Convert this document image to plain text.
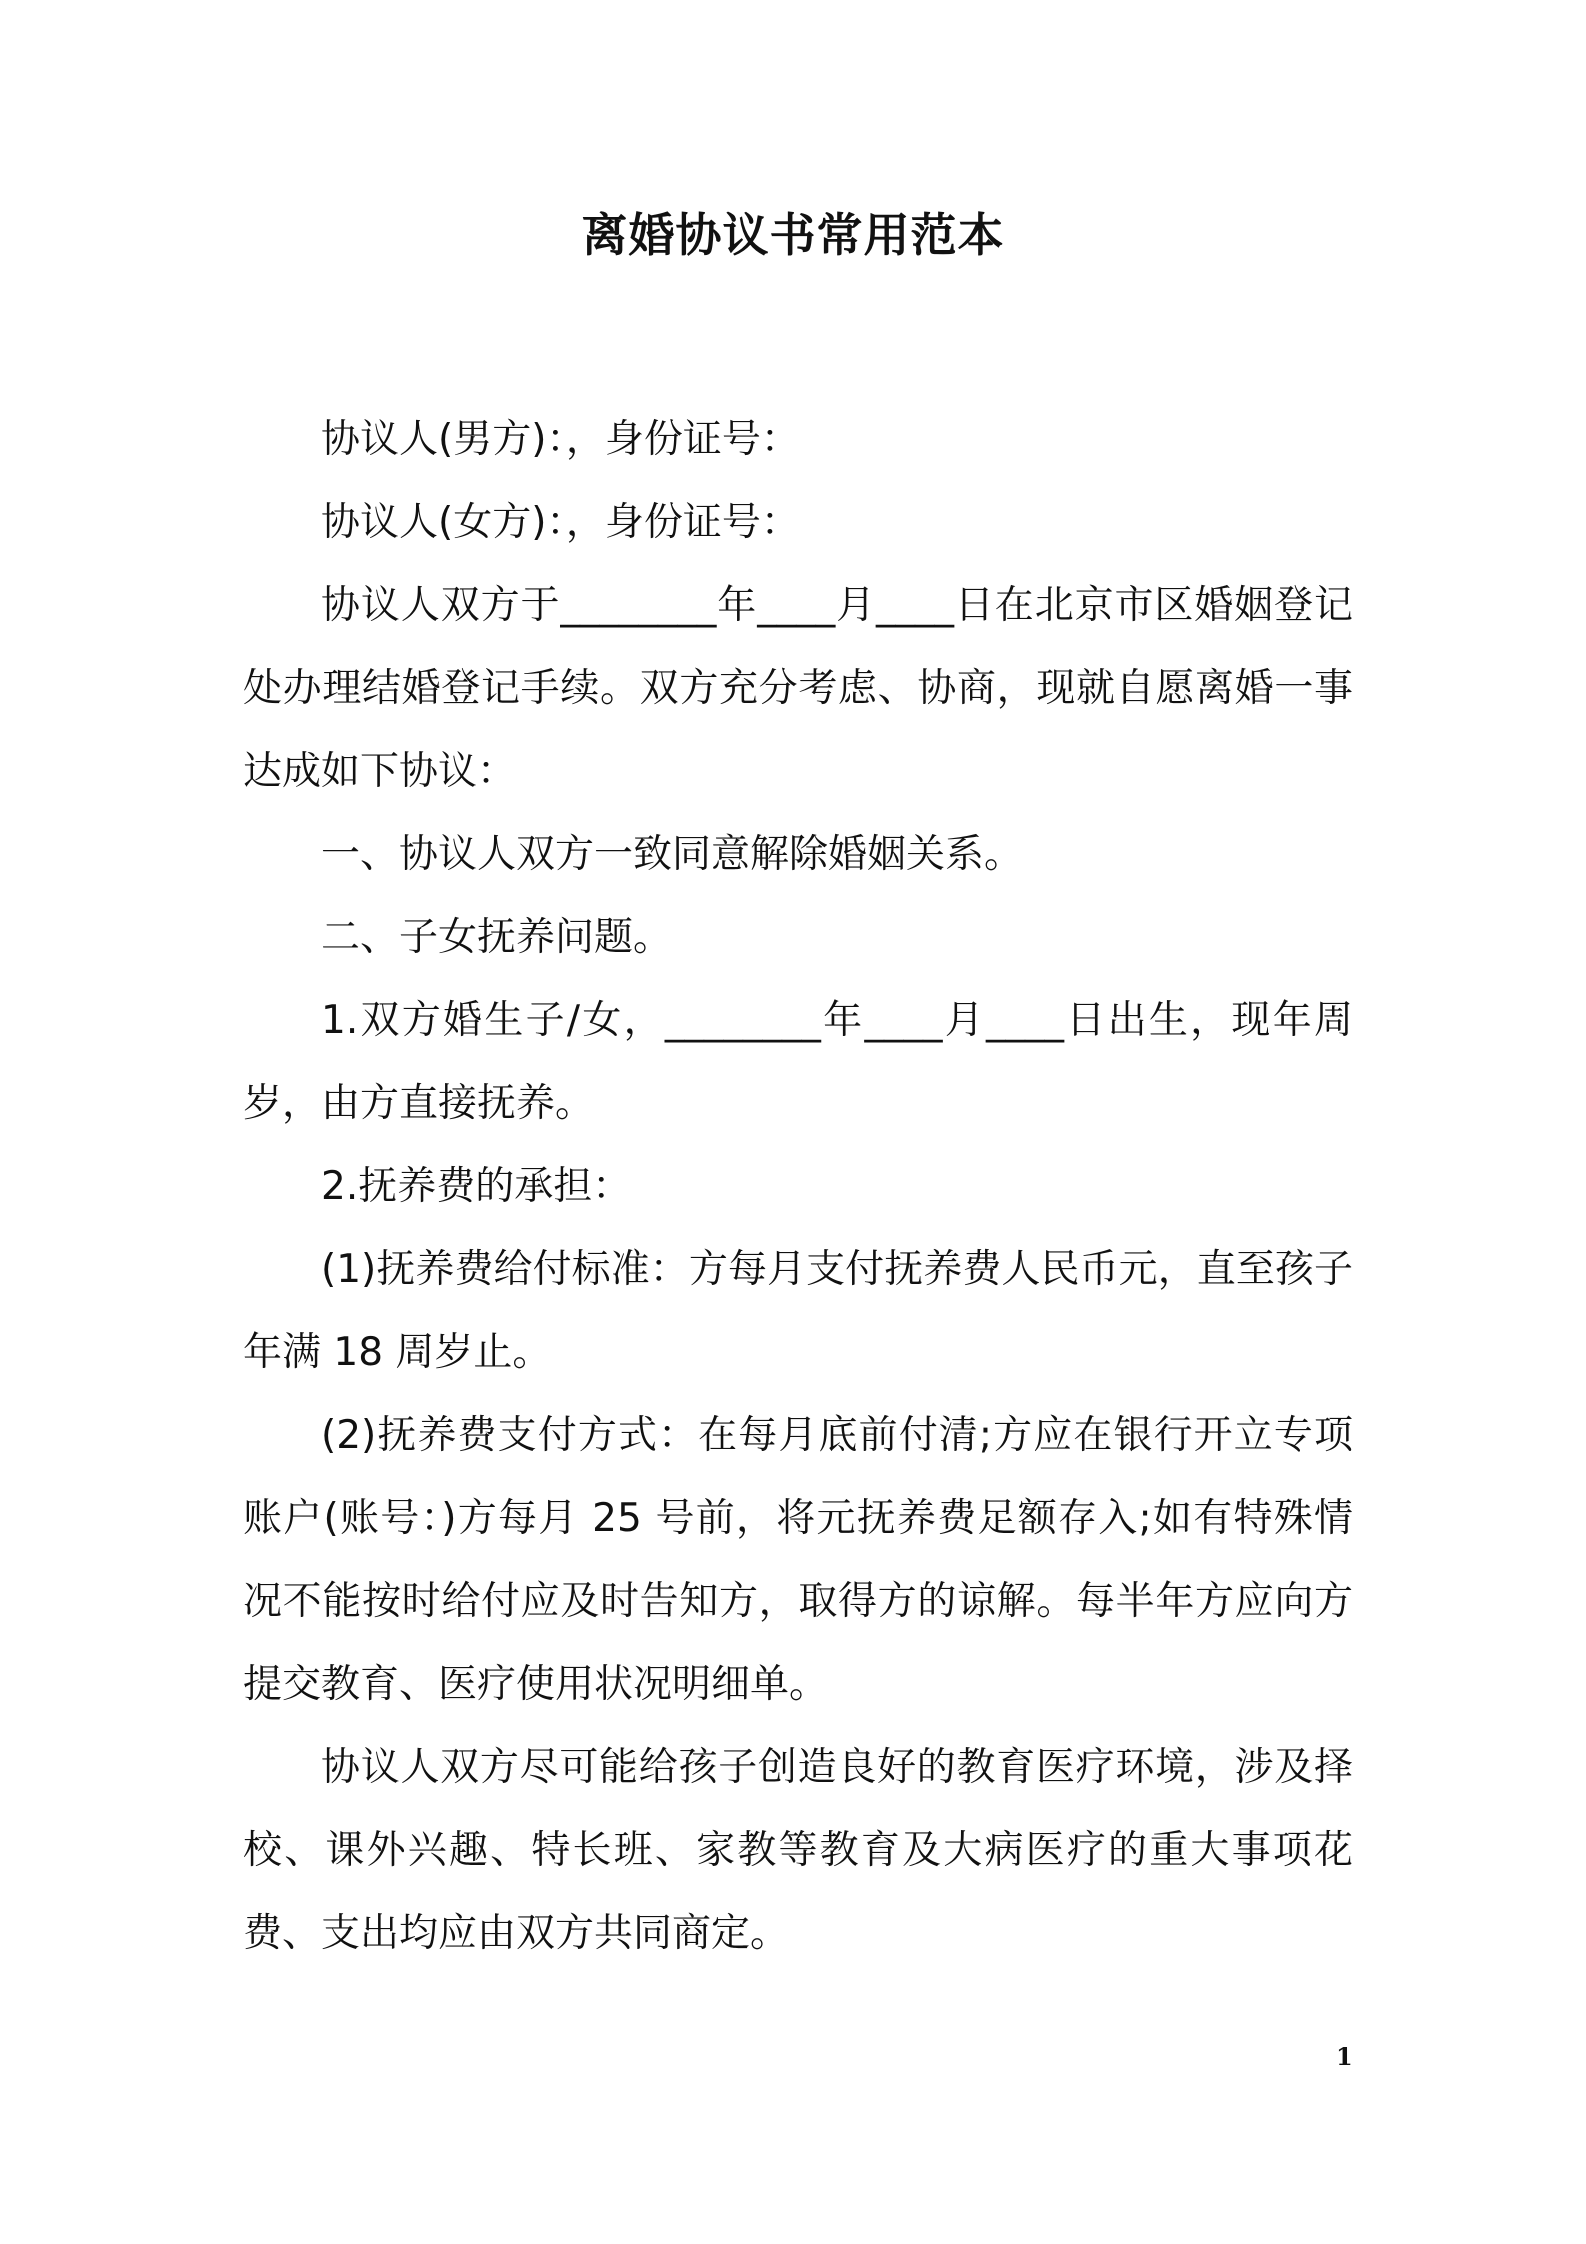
离婚协议书常用范本

协议人(男方)：，身份证号：

协议人(女方)：，身份证号：

协议人双方于________年____月____日在北京市区婚姻登记处办理结婚登记手续。双方充分考虑、协商，现就自愿离婚一事达成如下协议：

一、协议人双方一致同意解除婚姻关系。

二、子女抚养问题。

1.双方婚生子/女，________年____月____日出生，现年周岁，由方直接抚养。

2.抚养费的承担：

(1)抚养费给付标准：方每月支付抚养费人民币元，直至孩子年满 18 周岁止。

(2)抚养费支付方式：在每月底前付清;方应在银行开立专项账户(账号：)方每月 25 号前，将元抚养费足额存入;如有特殊情况不能按时给付应及时告知方，取得方的谅解。每半年方应向方提交教育、医疗使用状况明细单。

协议人双方尽可能给孩子创造良好的教育医疗环境，涉及择校、课外兴趣、特长班、家教等教育及大病医疗的重大事项花费、支出均应由双方共同商定。

1
